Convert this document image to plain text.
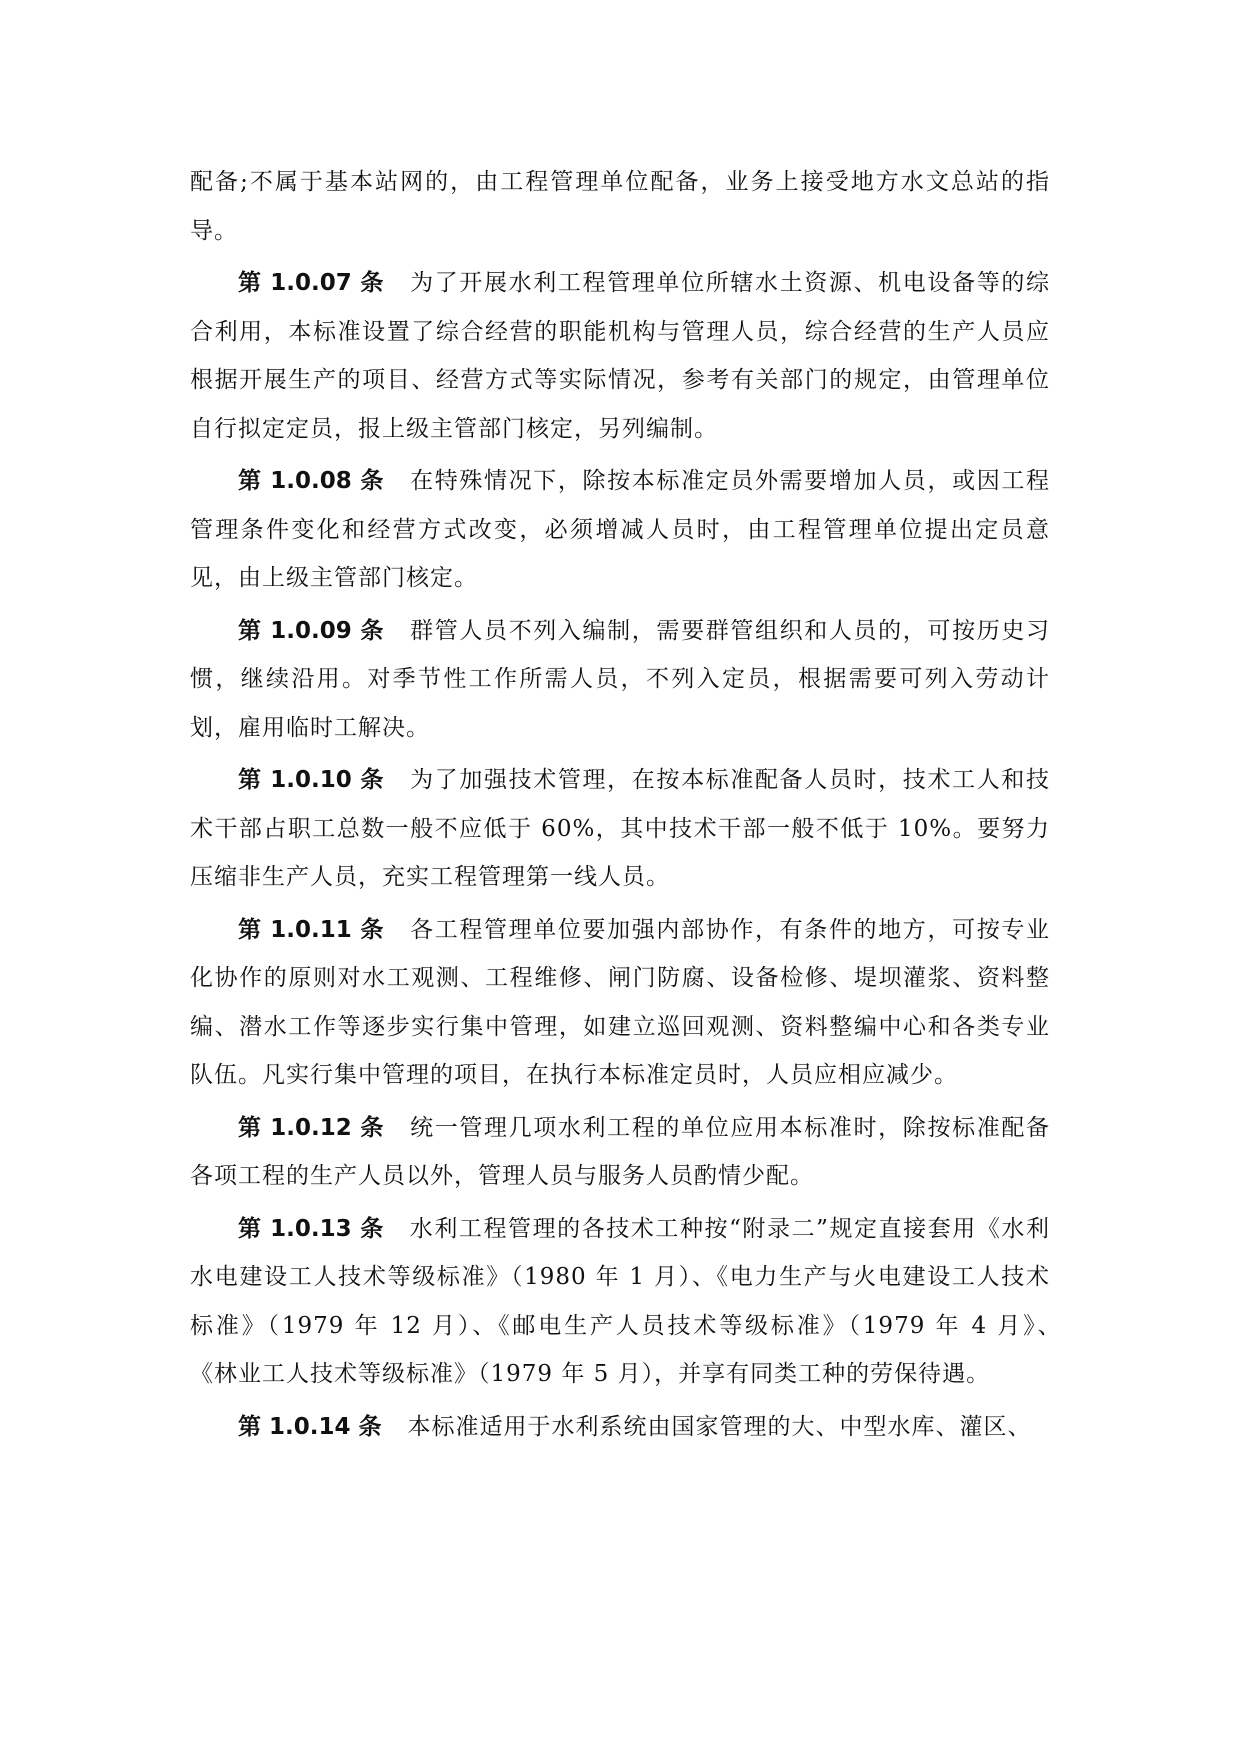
配备;不属于基本站网的，由工程管理单位配备，业务上接受地方水文总站的指导。

第 1.0.07 条 为了开展水利工程管理单位所辖水土资源、机电设备等的综合利用，本标准设置了综合经营的职能机构与管理人员，综合经营的生产人员应根据开展生产的项目、经营方式等实际情况，参考有关部门的规定，由管理单位自行拟定定员，报上级主管部门核定，另列编制。

第 1.0.08 条 在特殊情况下，除按本标准定员外需要增加人员，或因工程管理条件变化和经营方式改变，必须增减人员时，由工程管理单位提出定员意见，由上级主管部门核定。

第 1.0.09 条 群管人员不列入编制，需要群管组织和人员的，可按历史习惯，继续沿用。对季节性工作所需人员，不列入定员，根据需要可列入劳动计划，雇用临时工解决。

第 1.0.10 条 为了加强技术管理，在按本标准配备人员时，技术工人和技术干部占职工总数一般不应低于 60%，其中技术干部一般不低于 10%。要努力压缩非生产人员，充实工程管理第一线人员。

第 1.0.11 条 各工程管理单位要加强内部协作，有条件的地方，可按专业化协作的原则对水工观测、工程维修、闸门防腐、设备检修、堤坝灌浆、资料整编、潜水工作等逐步实行集中管理，如建立巡回观测、资料整编中心和各类专业队伍。凡实行集中管理的项目，在执行本标准定员时，人员应相应减少。

第 1.0.12 条 统一管理几项水利工程的单位应用本标准时，除按标准配备各项工程的生产人员以外，管理人员与服务人员酌情少配。

第 1.0.13 条 水利工程管理的各技术工种按“附录二”规定直接套用《水利水电建设工人技术等级标准》（1980 年 1 月）、《电力生产与火电建设工人技术标准》（1979 年 12 月）、《邮电生产人员技术等级标准》（1979 年 4 月》、　《林业工人技术等级标准》（1979 年 5 月），并享有同类工种的劳保待遇。

第 1.0.14 条 本标准适用于水利系统由国家管理的大、中型水库、灌区、
